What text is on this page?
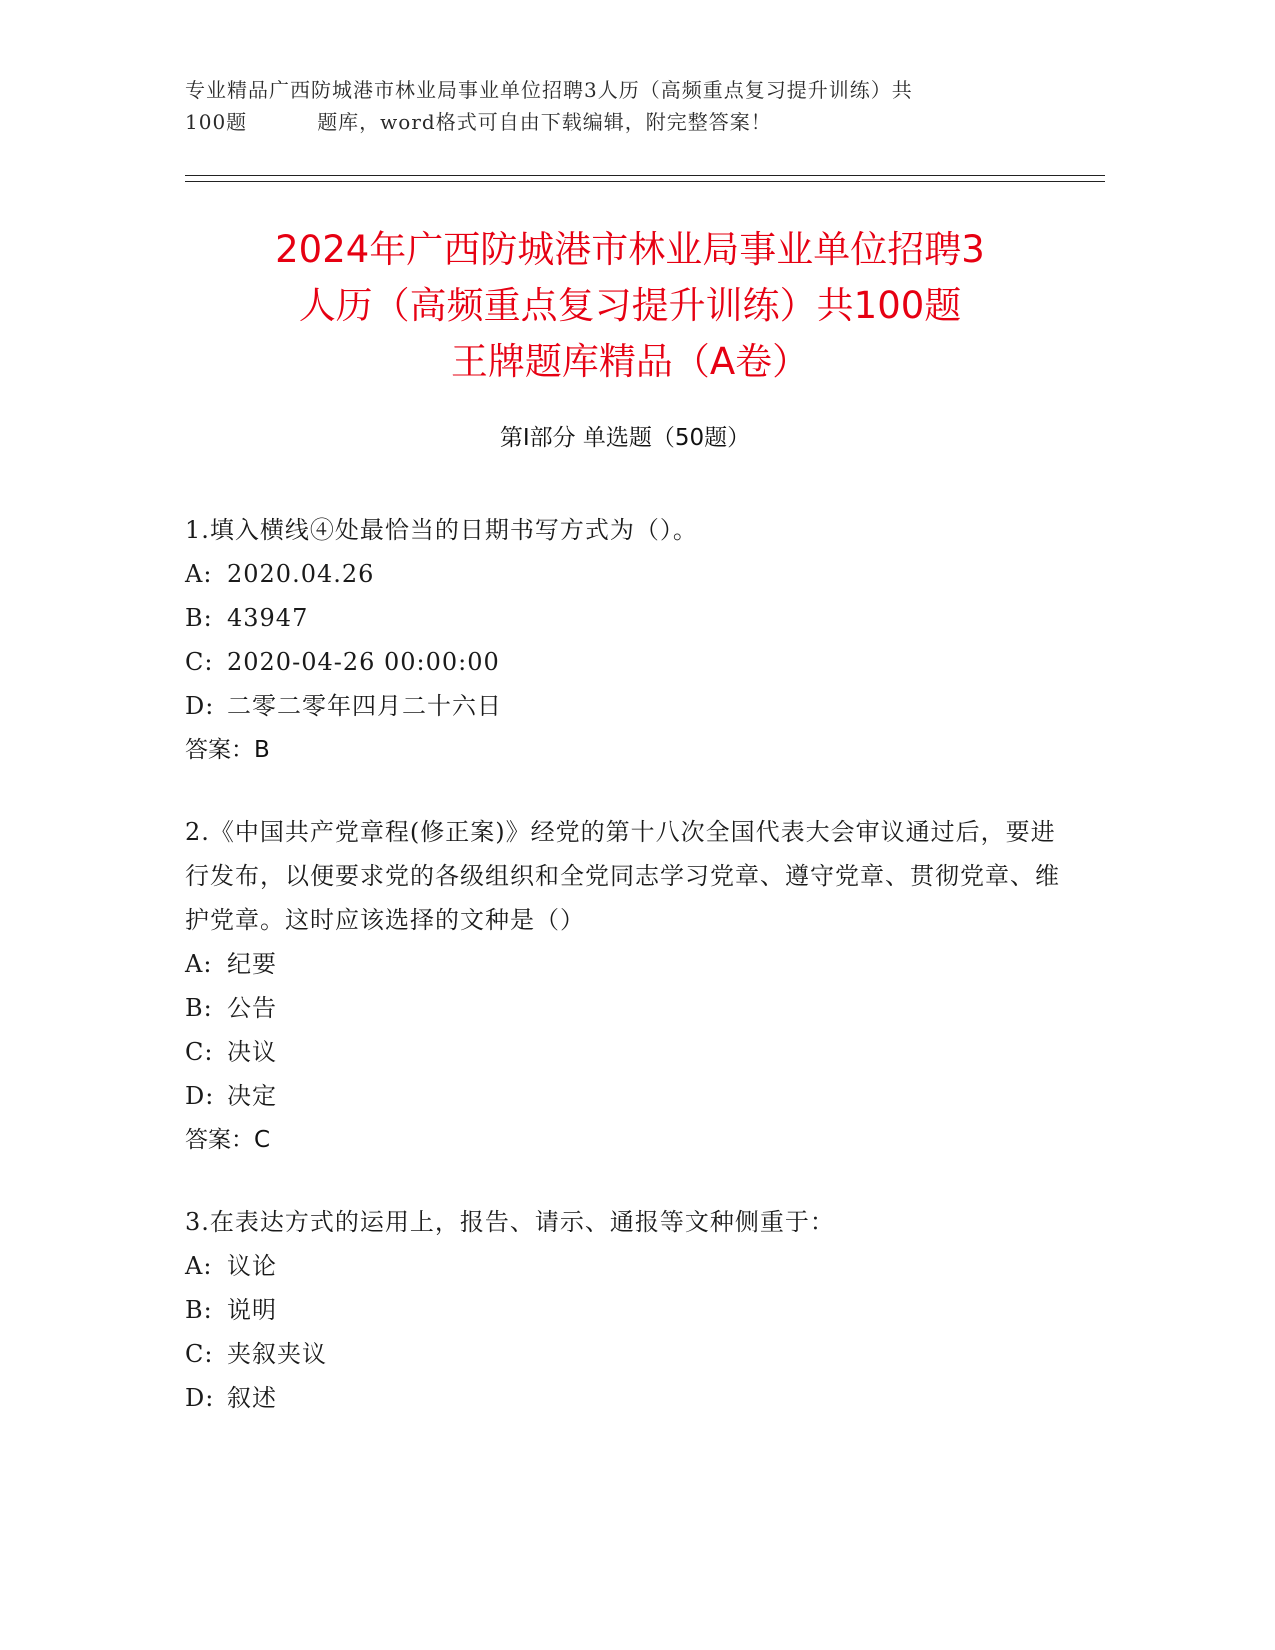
专业精品广西防城港市林业局事业单位招聘3人历（高频重点复习提升训练）共
100题	题库，word格式可自由下载编辑，附完整答案！
2024年广西防城港市林业局事业单位招聘3
人历（高频重点复习提升训练）共100题
王牌题库精品（A卷）
第Ⅰ部分 单选题（50题）

1.填入横线④处最恰当的日期书写方式为（）。

A: 2020.04.26

B: 43947

C: 2020-04-26 00:00:00

D: 二零二零年四月二十六日

答案：B

2.《中国共产党章程(修正案)》经党的第十八次全国代表大会审议通过后，要进行发布，以便要求党的各级组织和全党同志学习党章、遵守党章、贯彻党章、维护党章。这时应该选择的文种是（）

A: 纪要

B: 公告

C: 决议

D: 决定

答案：C

3.在表达方式的运用上，报告、请示、通报等文种侧重于：

A: 议论

B: 说明

C: 夹叙夹议

D: 叙述
